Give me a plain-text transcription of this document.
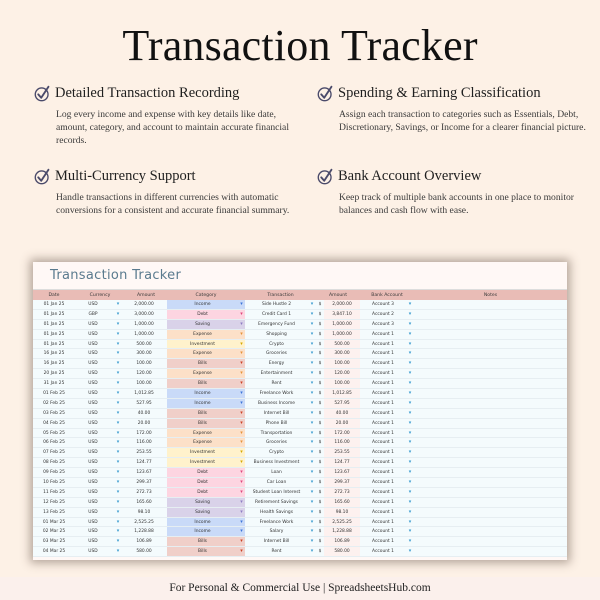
Transaction Tracker
Detailed Transaction Recording
Log every income and expense with key details like date, amount, category, and account to maintain accurate financial records.
Spending & Earning Classification
Assign each transaction to categories such as Essentials, Debt, Discretionary, Savings, or Income for a clearer financial picture.
Multi-Currency Support
Handle transactions in different currencies with automatic conversions for a consistent and accurate financial summary.
Bank Account Overview
Keep track of multiple bank accounts in one place to monitor balances and cash flow with ease.
Transaction Tracker
Date	Currency	Amount	Category	Transaction	Amount	Bank Account	Notes
01 Jan 25	USD	▾	2,000.00	Income	▾	Side Hustle 2	▾	$	2,000.00	Account 3	▾
01 Jan 25	GBP	▾	3,000.00	Debt	▾	Credit Card 1	▾	$	3,847.10	Account 2	▾
01 Jan 25	USD	▾	1,000.00	Saving	▾	Emergency Fund	▾	$	1,000.00	Account 3	▾
01 Jan 25	USD	▾	1,000.00	Expense	▾	Shopping	▾	$	1,000.00	Account 1	▾
01 Jan 25	USD	▾	500.00	Investment	▾	Crypto	▾	$	500.00	Account 1	▾
16 Jan 25	USD	▾	300.00	Expense	▾	Groceries	▾	$	300.00	Account 1	▾
16 Jan 25	USD	▾	100.00	Bills	▾	Energy	▾	$	100.00	Account 1	▾
20 Jan 25	USD	▾	120.00	Expense	▾	Entertainment	▾	$	120.00	Account 1	▾
31 Jan 25	USD	▾	100.00	Bills	▾	Rent	▾	$	100.00	Account 1	▾
01 Feb 25	USD	▾	1,012.85	Income	▾	Freelance Work	▾	$	1,012.85	Account 1	▾
02 Feb 25	USD	▾	527.95	Income	▾	Business Income	▾	$	527.95	Account 1	▾
03 Feb 25	USD	▾	40.00	Bills	▾	Internet Bill	▾	$	40.00	Account 1	▾
04 Feb 25	USD	▾	20.00	Bills	▾	Phone Bill	▾	$	20.00	Account 1	▾
05 Feb 25	USD	▾	172.00	Expense	▾	Transportation	▾	$	172.00	Account 1	▾
06 Feb 25	USD	▾	116.00	Expense	▾	Groceries	▾	$	116.00	Account 1	▾
07 Feb 25	USD	▾	253.55	Investment	▾	Crypto	▾	$	253.55	Account 1	▾
08 Feb 25	USD	▾	124.77	Investment	▾	Business Investment	▾	$	124.77	Account 1	▾
09 Feb 25	USD	▾	123.67	Debt	▾	Loan	▾	$	123.67	Account 1	▾
10 Feb 25	USD	▾	299.37	Debt	▾	Car Loan	▾	$	299.37	Account 1	▾
11 Feb 25	USD	▾	272.73	Debt	▾	Student Loan Interest	▾	$	272.73	Account 1	▾
12 Feb 25	USD	▾	165.60	Saving	▾	Retirement Savings	▾	$	165.60	Account 1	▾
13 Feb 25	USD	▾	98.10	Saving	▾	Health Savings	▾	$	98.10	Account 1	▾
01 Mar 25	USD	▾	2,525.25	Income	▾	Freelance Work	▾	$	2,525.25	Account 1	▾
02 Mar 25	USD	▾	1,228.88	Income	▾	Salary	▾	$	1,228.88	Account 1	▾
03 Mar 25	USD	▾	106.89	Bills	▾	Internet Bill	▾	$	106.89	Account 1	▾
04 Mar 25	USD	▾	580.00	Bills	▾	Rent	▾	$	580.00	Account 1	▾
For Personal & Commercial Use | SpreadsheetsHub.com
